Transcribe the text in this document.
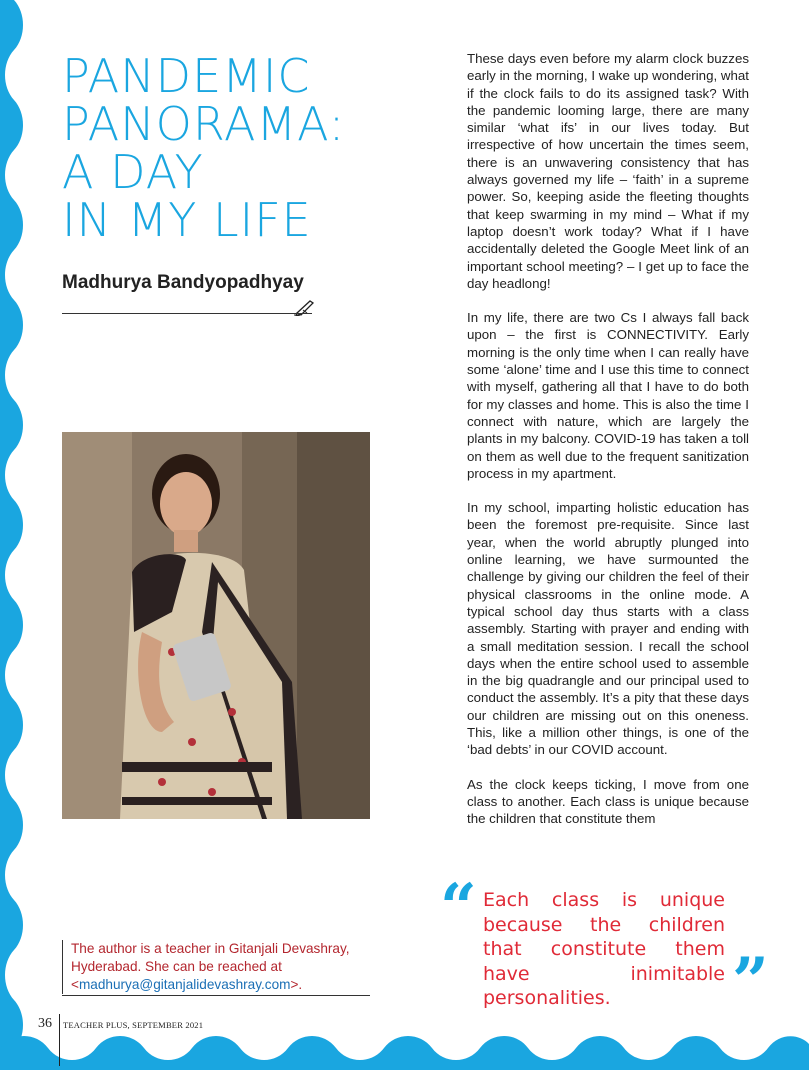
PANDEMIC
PANORAMA:
A DAY
IN MY LIFE
Madhurya Bandyopadhyay

These days even before my alarm clock buzzes early in the morning, I wake up wondering, what if the clock fails to do its assigned task? With the pandemic looming large, there are many similar ‘what ifs’ in our lives today. But irrespective of how uncertain the times seem, there is an unwavering consistency that has always governed my life – ‘faith’ in a supreme power. So, keeping aside the fleeting thoughts that keep swarming in my mind – What if my laptop doesn’t work today? What if I have accidentally deleted the Google Meet link of an important school meeting? – I get up to face the day headlong!

In my life, there are two Cs I always fall back upon – the first is CONNECTIVITY. Early morning is the only time when I can really have some ‘alone’ time and I use this time to connect with myself, gathering all that I have to do both for my classes and home. This is also the time I connect with nature, which are largely the plants in my balcony. COVID-19 has taken a toll on them as well due to the frequent sanitization process in my apartment.

In my school, imparting holistic education has been the foremost pre-requisite. Since last year, when the world abruptly plunged into online learning, we have surmounted the challenge by giving our children the feel of their physical classrooms in the online mode. A typical school day thus starts with a class assembly. Starting with prayer and ending with a small meditation session. I recall the school days when the entire school used to assemble in the big quadrangle and our principal used to conduct the assembly. It’s a pity that these days our children are missing out on this oneness. This, like a million other things, is one of the ‘bad debts’ in our COVID account.

As the clock keeps ticking, I move from one class to another. Each class is unique because the children that constitute them

“ Each class is unique because the children that constitute them have inimitable personalities.	”
The author is a teacher in Gitanjali Devashray,
Hyderabad. She can be reached at
<madhurya@gitanjalidevashray.com>.
36 TEACHER PLUS, SEPTEMBER 2021
